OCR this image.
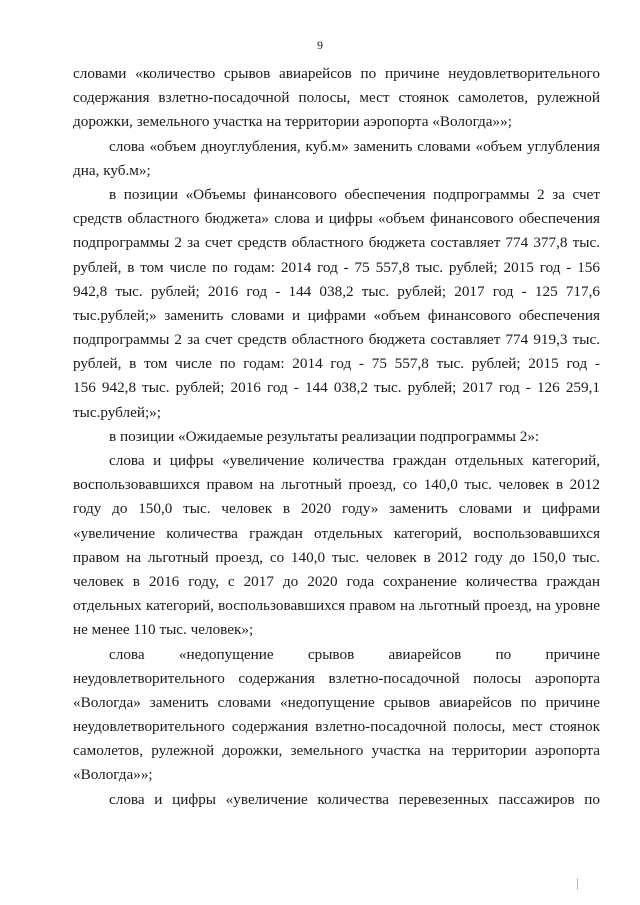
9
словами «количество срывов авиарейсов по причине неудовлетворительного
содержания взлетно-посадочной полосы, мест стоянок самолетов, рулежной
дорожки, земельного участка на территории аэропорта «Вологда»»;
слова «объем дноуглубления, куб.м» заменить словами «объем углубления
дна, куб.м»;
в позиции «Объемы финансового обеспечения подпрограммы 2 за счет
средств областного бюджета» слова и цифры «объем финансового обеспечения
подпрограммы 2 за счет средств областного бюджета составляет 774 377,8 тыс.
рублей, в том числе по годам: 2014 год - 75 557,8 тыс. рублей; 2015 год - 156
942,8 тыс. рублей; 2016 год - 144 038,2 тыс. рублей; 2017 год - 125 717,6
тыс.рублей;» заменить словами и цифрами «объем финансового обеспечения
подпрограммы 2 за счет средств областного бюджета составляет 774 919,3 тыс.
рублей, в том числе по годам: 2014 год - 75 557,8 тыс. рублей; 2015 год -
156 942,8 тыс. рублей; 2016 год - 144 038,2 тыс. рублей; 2017 год - 126 259,1
тыс.рублей;»;
в позиции «Ожидаемые результаты реализации подпрограммы 2»:
слова и цифры «увеличение количества граждан отдельных категорий,
воспользовавшихся правом на льготный проезд, со 140,0 тыс. человек в 2012
году до 150,0 тыс. человек в 2020 году» заменить словами и цифрами
«увеличение количества граждан отдельных категорий, воспользовавшихся
правом на льготный проезд, со 140,0 тыс. человек в 2012 году до 150,0 тыс.
человек в 2016 году, с 2017 до 2020 года сохранение количества граждан
отдельных категорий, воспользовавшихся правом на льготный проезд, на уровне
не менее 110 тыс. человек»;
слова «недопущение срывов авиарейсов по причине
неудовлетворительного содержания взлетно-посадочной полосы аэропорта
«Вологда» заменить словами «недопущение срывов авиарейсов по причине
неудовлетворительного содержания взлетно-посадочной полосы, мест стоянок
самолетов, рулежной дорожки, земельного участка на территории аэропорта
«Вологда»»;
слова и цифры «увеличение количества перевезенных пассажиров по
